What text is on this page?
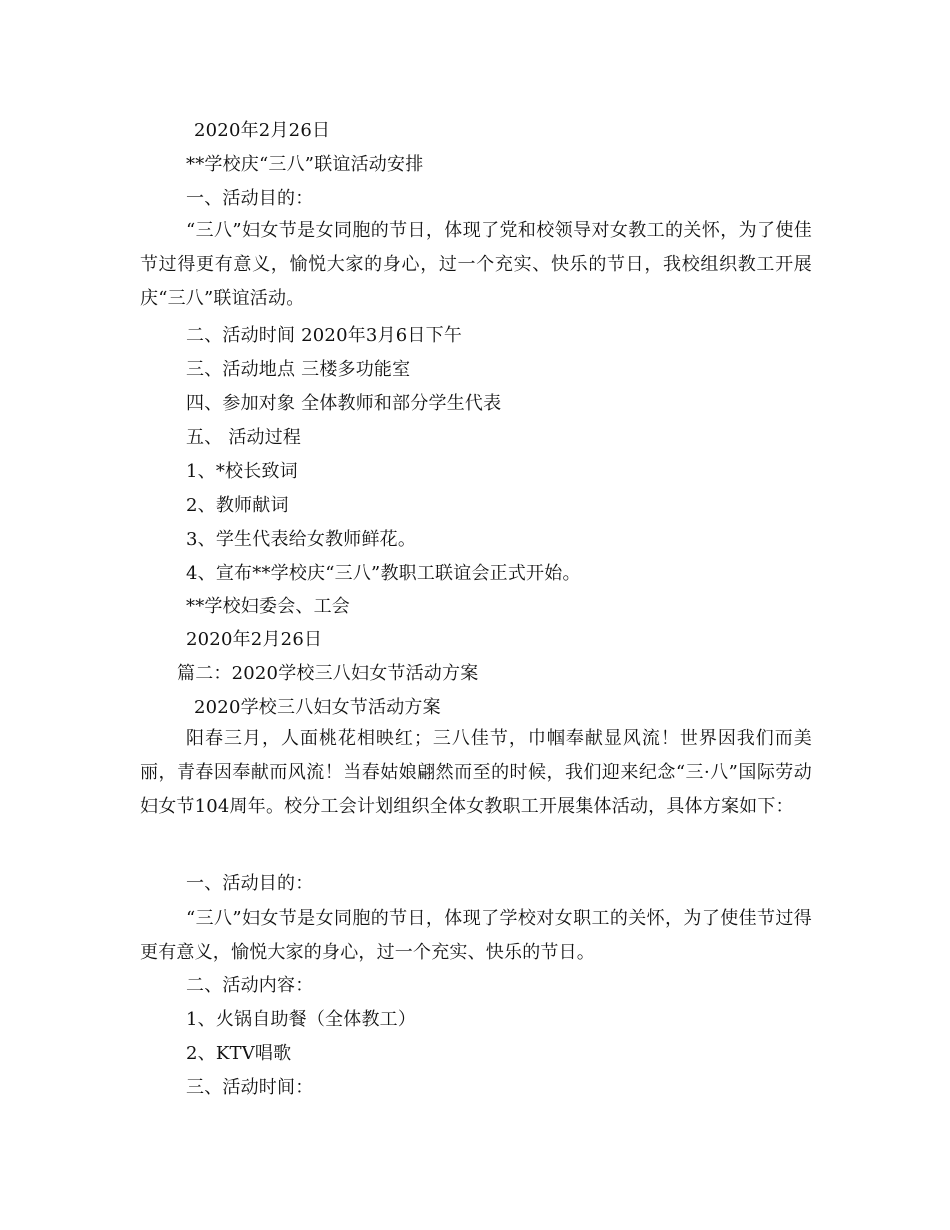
2020年2月26日
**学校庆“三八”联谊活动安排
一、活动目的：
“三八”妇女节是女同胞的节日，体现了党和校领导对女教工的关怀，为了使佳节过得更有意义，愉悦大家的身心，过一个充实、快乐的节日，我校组织教工开展庆“三八”联谊活动。
二、活动时间 2020年3月6日下午
三、活动地点 三楼多功能室
四、参加对象 全体教师和部分学生代表
五、 活动过程
1、*校长致词
2、教师献词
3、学生代表给女教师鲜花。
4、宣布**学校庆“三八”教职工联谊会正式开始。
**学校妇委会、工会
2020年2月26日
篇二：2020学校三八妇女节活动方案
2020学校三八妇女节活动方案
阳春三月，人面桃花相映红；三八佳节，巾帼奉献显风流！世界因我们而美丽，青春因奉献而风流！当春姑娘翩然而至的时候，我们迎来纪念“三·八”国际劳动妇女节104周年。校分工会计划组织全体女教职工开展集体活动，具体方案如下：
一、活动目的：
“三八”妇女节是女同胞的节日，体现了学校对女职工的关怀，为了使佳节过得更有意义，愉悦大家的身心，过一个充实、快乐的节日。
二、活动内容：
1、火锅自助餐（全体教工）
2、KTV唱歌
三、活动时间：
